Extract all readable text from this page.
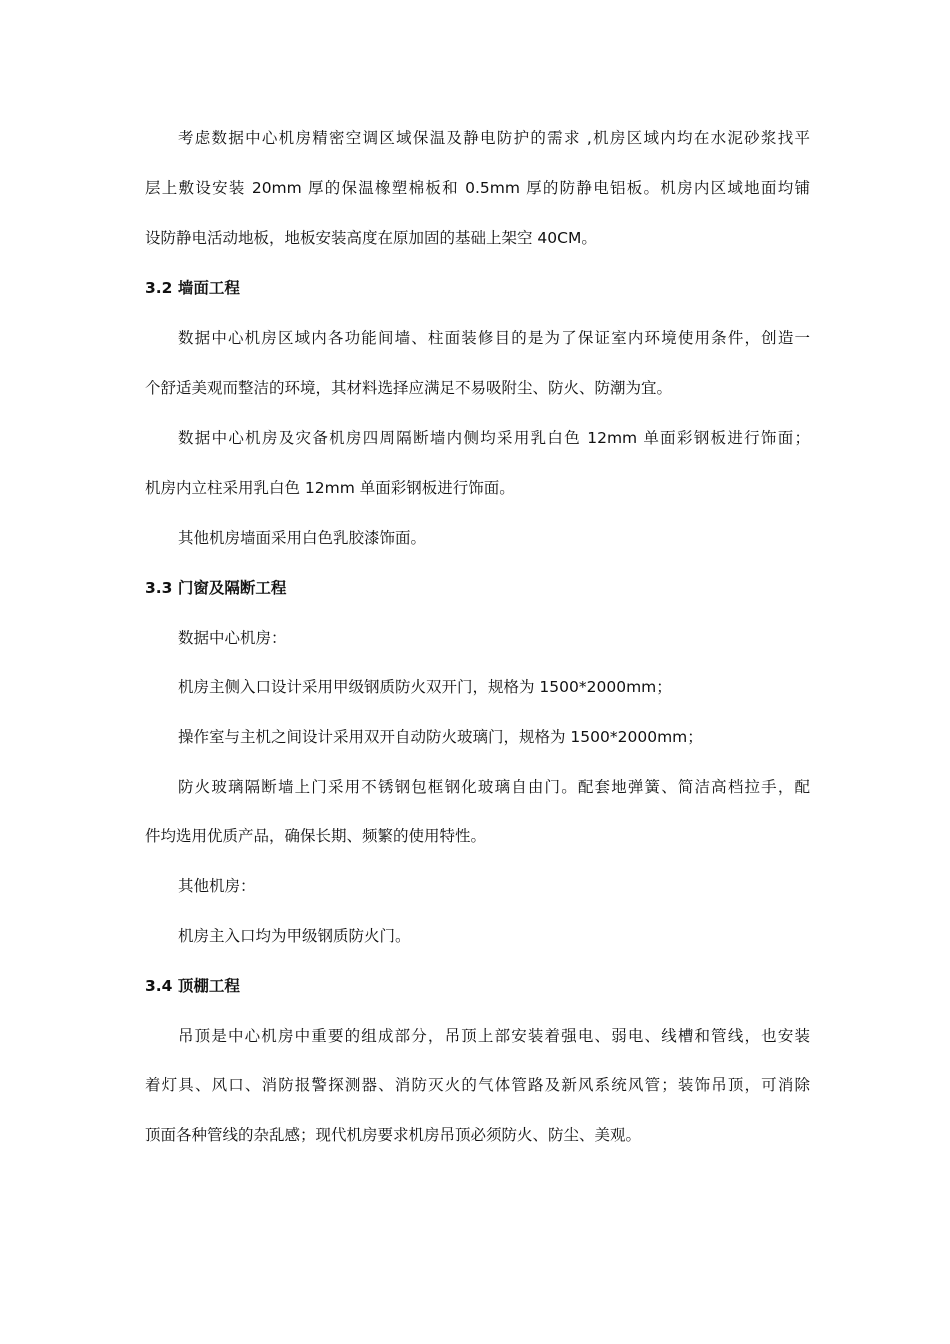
考虑数据中心机房精密空调区域保温及静电防护的需求 ,机房区域内均在水泥砂浆找平

层上敷设安装 20mm 厚的保温橡塑棉板和 0.5mm 厚的防静电铝板。机房内区域地面均铺

设防静电活动地板，地板安装高度在原加固的基础上架空 40CM。

3.2 墙面工程

数据中心机房区域内各功能间墙、柱面装修目的是为了保证室内环境使用条件，创造一

个舒适美观而整洁的环境，其材料选择应满足不易吸附尘、防火、防潮为宜。

数据中心机房及灾备机房四周隔断墙内侧均采用乳白色 12mm 单面彩钢板进行饰面；

机房内立柱采用乳白色 12mm 单面彩钢板进行饰面。

其他机房墙面采用白色乳胶漆饰面。

3.3 门窗及隔断工程

数据中心机房：

机房主侧入口设计采用甲级钢质防火双开门，规格为 1500*2000mm；

操作室与主机之间设计采用双开自动防火玻璃门，规格为 1500*2000mm；

防火玻璃隔断墙上门采用不锈钢包框钢化玻璃自由门。配套地弹簧、简洁高档拉手，配

件均选用优质产品，确保长期、频繁的使用特性。

其他机房：

机房主入口均为甲级钢质防火门。

3.4 顶棚工程

吊顶是中心机房中重要的组成部分，吊顶上部安装着强电、弱电、线槽和管线，也安装

着灯具、风口、消防报警探测器、消防灭火的气体管路及新风系统风管；装饰吊顶，可消除

顶面各种管线的杂乱感；现代机房要求机房吊顶必须防火、防尘、美观。
